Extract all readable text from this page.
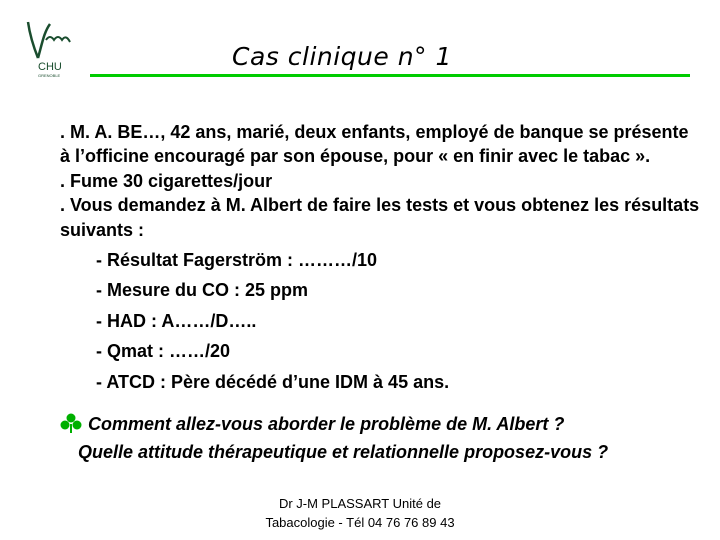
CHU
GRENOBLE
Cas clinique n° 1

. M. A. BE…, 42 ans, marié, deux enfants, employé de banque se présente à l’officine encouragé par son épouse, pour « en finir avec le tabac ».

. Fume 30 cigarettes/jour

. Vous demandez à M. Albert de faire les tests et vous obtenez les résultats suivants :

- Résultat Fagerström : ………/10
- Mesure du CO : 25 ppm
- HAD : A……/D…..
- Qmat : ……/20
- ATCD : Père décédé d’une IDM à 45 ans.
Comment allez-vous aborder le problème de M. Albert ?
Quelle attitude thérapeutique et relationnelle proposez-vous ?
Dr J-M PLASSART Unité de
Tabacologie - Tél 04 76 76 89 43
